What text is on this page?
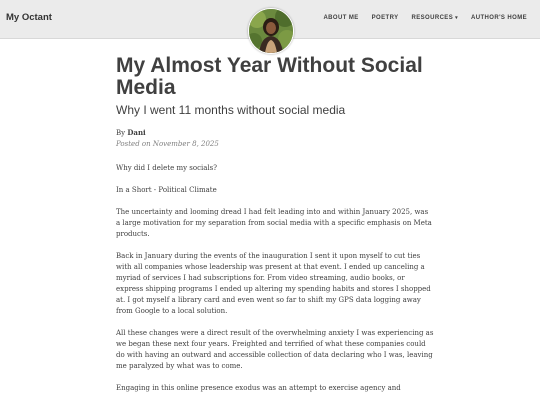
My Octant	ABOUT ME POETRY RESOURCES ▾ AUTHOR'S HOME
My Almost Year Without Social Media
Why I went 11 months without social media
By Dani
Posted on November 8, 2025

Why did I delete my socials?

In a Short - Political Climate

The uncertainty and looming dread I had felt leading into and within January 2025, was a large motivation for my separation from social media with a specific emphasis on Meta products.

Back in January during the events of the inauguration I sent it upon myself to cut ties with all companies whose leadership was present at that event. I ended up canceling a myriad of services I had subscriptions for. From video streaming, audio books, or express shipping programs I ended up altering my spending habits and stores I shopped at. I got myself a library card and even went so far to shift my GPS data logging away from Google to a local solution.

All these changes were a direct result of the overwhelming anxiety I was experiencing as we began these next four years. Freighted and terrified of what these companies could do with having an outward and accessible collection of data declaring who I was, leaving me paralyzed by what was to come.

Engaging in this online presence exodus was an attempt to exercise agency and
